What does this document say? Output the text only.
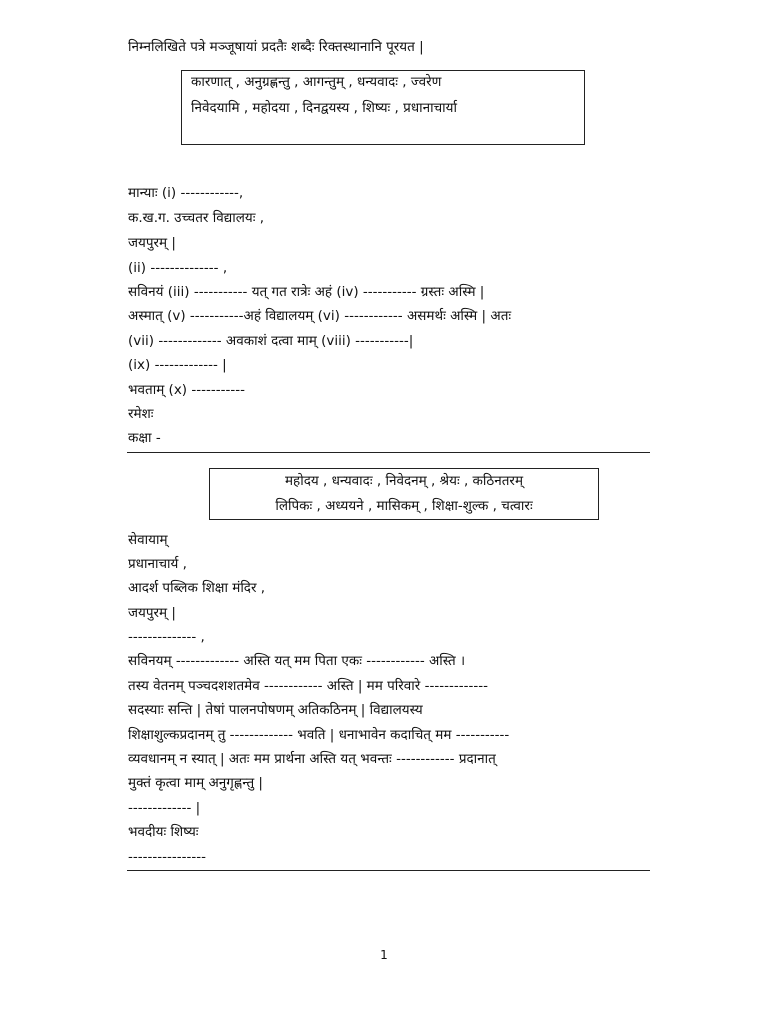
निम्नलिखिते पत्रे मञ्जूषायां प्रदतैः शब्दैः रिक्तस्थानानि पूरयत |

कारणात् , अनुग्रह्णन्तु , आगन्तुम् , धन्यवादः , ज्वरेण

निवेदयामि , महोदया , दिनद्वयस्य , शिष्यः , प्रधानाचार्या

मान्याः (i) ------------,

क.ख.ग. उच्चतर विद्यालयः ,

जयपुरम् |

(ii) -------------- ,

सविनयं (iii) ----------- यत् गत रात्रेः अहं (iv) ----------- ग्रस्तः अस्मि |

अस्मात् (v) -----------अहं विद्यालयम् (vi) ------------ असमर्थः अस्मि | अतः

(vii) ------------- अवकाशं दत्वा माम् (viii) -----------|

(ix) ------------- |

भवताम् (x) -----------

रमेशः

कक्षा -

महोदय , धन्यवादः , निवेदनम् , श्रेयः , कठिनतरम्

लिपिकः , अध्ययने , मासिकम् , शिक्षा-शुल्क , चत्वारः

सेवायाम्

प्रधानाचार्य ,

आदर्श पब्लिक शिक्षा मंदिर ,

जयपुरम् |

-------------- ,

सविनयम् ------------- अस्ति यत् मम पिता एकः ------------ अस्ति ।

तस्य वेतनम् पञ्चदशशतमेव ------------ अस्ति | मम परिवारे -------------

सदस्याः सन्ति | तेषां पालनपोषणम् अतिकठिनम् | विद्यालयस्य

शिक्षाशुल्कप्रदानम् तु ------------- भवति | धनाभावेन कदाचित् मम -----------

व्यवधानम् न स्यात् | अतः मम प्रार्थना अस्ति यत् भवन्तः ------------ प्रदानात्

मुक्तं कृत्वा माम् अनुगृह्णन्तु |

------------- |

भवदीयः शिष्यः

----------------

1
